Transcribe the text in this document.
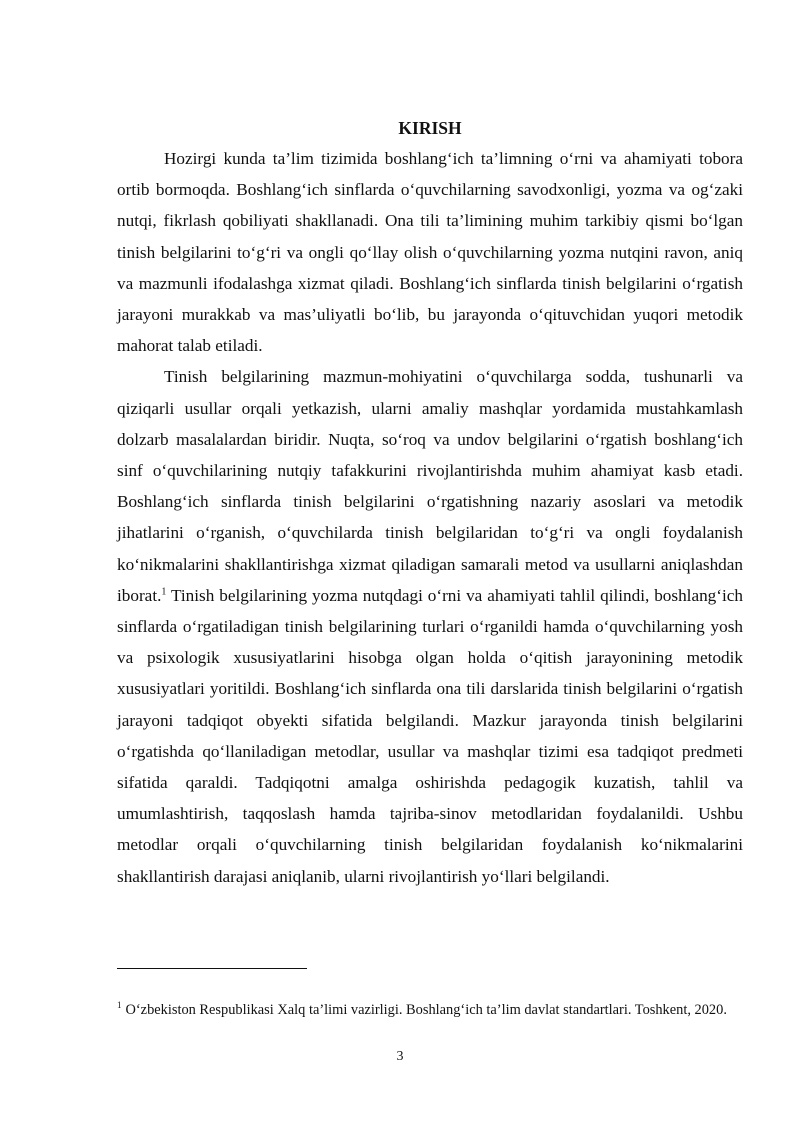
KIRISH

Hozirgi kunda ta’lim tizimida boshlang‘ich ta’limning o‘rni va ahamiyati tobora ortib bormoqda. Boshlang‘ich sinflarda o‘quvchilarning savodxonligi, yozma va og‘zaki nutqi, fikrlash qobiliyati shakllanadi. Ona tili ta’limining muhim tarkibiy qismi bo‘lgan tinish belgilarini to‘g‘ri va ongli qo‘llay olish o‘quvchilarning yozma nutqini ravon, aniq va mazmunli ifodalashga xizmat qiladi. Boshlang‘ich sinflarda tinish belgilarini o‘rgatish jarayoni murakkab va mas’uliyatli bo‘lib, bu jarayonda o‘qituvchidan yuqori metodik mahorat talab etiladi.

Tinish belgilarining mazmun-mohiyatini o‘quvchilarga sodda, tushunarli va qiziqarli usullar orqali yetkazish, ularni amaliy mashqlar yordamida mustahkamlash dolzarb masalalardan biridir. Nuqta, so‘roq va undov belgilarini o‘rgatish boshlang‘ich sinf o‘quvchilarining nutqiy tafakkurini rivojlantirishda muhim ahamiyat kasb etadi. Boshlang‘ich sinflarda tinish belgilarini o‘rgatishning nazariy asoslari va metodik jihatlarini o‘rganish, o‘quvchilarda tinish belgilaridan to‘g‘ri va ongli foydalanish ko‘nikmalarini shakllantirishga xizmat qiladigan samarali metod va usullarni aniqlashdan iborat.$^1$ Tinish belgilarining yozma nutqdagi o‘rni va ahamiyati tahlil qilindi, boshlang‘ich sinflarda o‘rgatiladigan tinish belgilarining turlari o‘rganildi hamda o‘quvchilarning yosh va psixologik xususiyatlarini hisobga olgan holda o‘qitish jarayonining metodik xususiyatlari yoritildi. Boshlang‘ich sinflarda ona tili darslarida tinish belgilarini o‘rgatish jarayoni tadqiqot obyekti sifatida belgilandi. Mazkur jarayonda tinish belgilarini o‘rgatishda qo‘llaniladigan metodlar, usullar va mashqlar tizimi esa tadqiqot predmeti sifatida qaraldi. Tadqiqotni amalga oshirishda pedagogik kuzatish, tahlil va umumlashtirish, taqqoslash hamda tajriba-sinov metodlaridan foydalanildi. Ushbu metodlar orqali o‘quvchilarning tinish belgilaridan foydalanish ko‘nikmalarini shakllantirish darajasi aniqlanib, ularni rivojlantirish yo‘llari belgilandi.

$^1$ O‘zbekiston Respublikasi Xalq ta’limi vazirligi. Boshlang‘ich ta’lim davlat standartlari. Toshkent, 2020.

3
